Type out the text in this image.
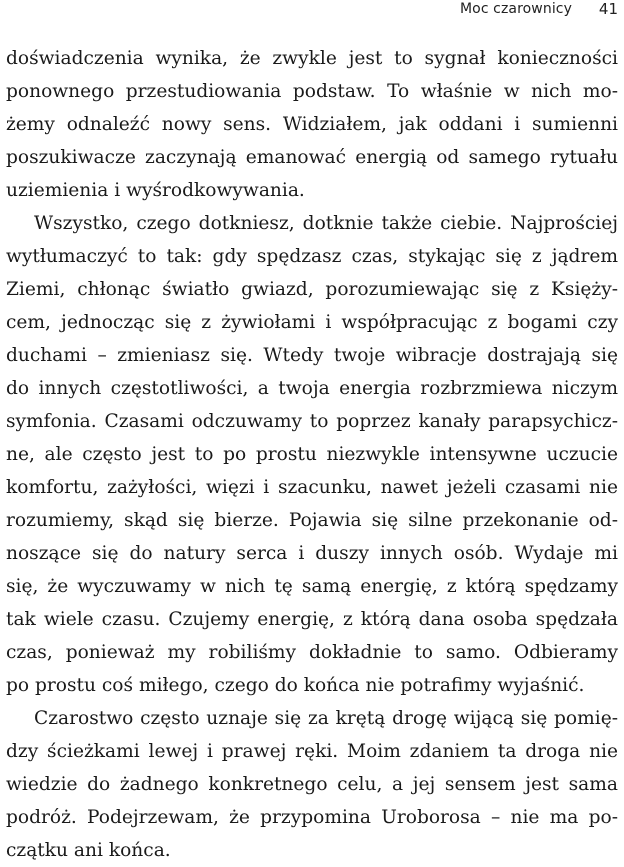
Moc czarownicy 41
doświadczenia wynika, że zwykle jest to sygnał konieczności
ponownego przestudiowania podstaw. To właśnie w nich mo-
żemy odnaleźć nowy sens. Widziałem, jak oddani i sumienni
poszukiwacze zaczynają emanować energią od samego rytuału
uziemienia i wyśrodkowywania.
Wszystko, czego dotkniesz, dotknie także ciebie. Najprościej
wytłumaczyć to tak: gdy spędzasz czas, stykając się z jądrem
Ziemi, chłonąc światło gwiazd, porozumiewając się z Księży-
cem, jednocząc się z żywiołami i współpracując z bogami czy
duchami – zmieniasz się. Wtedy twoje wibracje dostrajają się
do innych częstotliwości, a twoja energia rozbrzmiewa niczym
symfonia. Czasami odczuwamy to poprzez kanały parapsychicz-
ne, ale często jest to po prostu niezwykle intensywne uczucie
komfortu, zażyłości, więzi i szacunku, nawet jeżeli czasami nie
rozumiemy, skąd się bierze. Pojawia się silne przekonanie od-
noszące się do natury serca i duszy innych osób. Wydaje mi
się, że wyczuwamy w nich tę samą energię, z którą spędzamy
tak wiele czasu. Czujemy energię, z którą dana osoba spędzała
czas, ponieważ my robiliśmy dokładnie to samo. Odbieramy
po prostu coś miłego, czego do końca nie potrafimy wyjaśnić.
Czarostwo często uznaje się za krętą drogę wijącą się pomię-
dzy ścieżkami lewej i prawej ręki. Moim zdaniem ta droga nie
wiedzie do żadnego konkretnego celu, a jej sensem jest sama
podróż. Podejrzewam, że przypomina Uroborosa – nie ma po-
czątku ani końca.
